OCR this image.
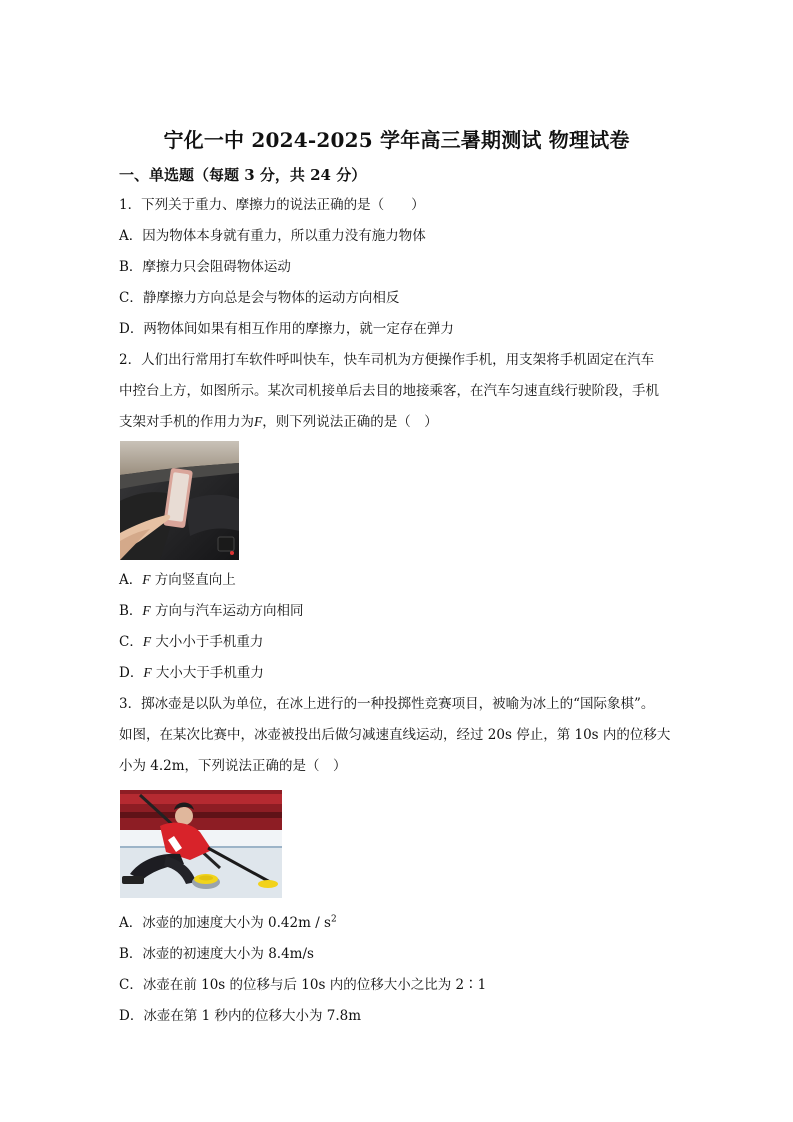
宁化一中 2024-2025 学年高三暑期测试 物理试卷
一、单选题（每题 3 分，共 24 分）
1．下列关于重力、摩擦力的说法正确的是（　　）
A．因为物体本身就有重力，所以重力没有施力物体
B．摩擦力只会阻碍物体运动
C．静摩擦力方向总是会与物体的运动方向相反
D．两物体间如果有相互作用的摩擦力，就一定存在弹力
2．人们出行常用打车软件呼叫快车，快车司机为方便操作手机，用支架将手机固定在汽车
中控台上方，如图所示。某次司机接单后去目的地接乘客，在汽车匀速直线行驶阶段，手机
支架对手机的作用力为F，则下列说法正确的是（　）
A．F 方向竖直向上
B．F 方向与汽车运动方向相同
C．F 大小小于手机重力
D．F 大小大于手机重力
3．掷冰壶是以队为单位，在冰上进行的一种投掷性竞赛项目，被喻为冰上的“国际象棋”。
如图，在某次比赛中，冰壶被投出后做匀减速直线运动，经过 20s 停止，第 10s 内的位移大
小为 4.2m，下列说法正确的是（　）
A．冰壶的加速度大小为 $0.42m / s^2$
B．冰壶的初速度大小为 8.4m/s
C．冰壶在前 10s 的位移与后 10s 内的位移大小之比为 2∶1
D．冰壶在第 1 秒内的位移大小为 7.8m
